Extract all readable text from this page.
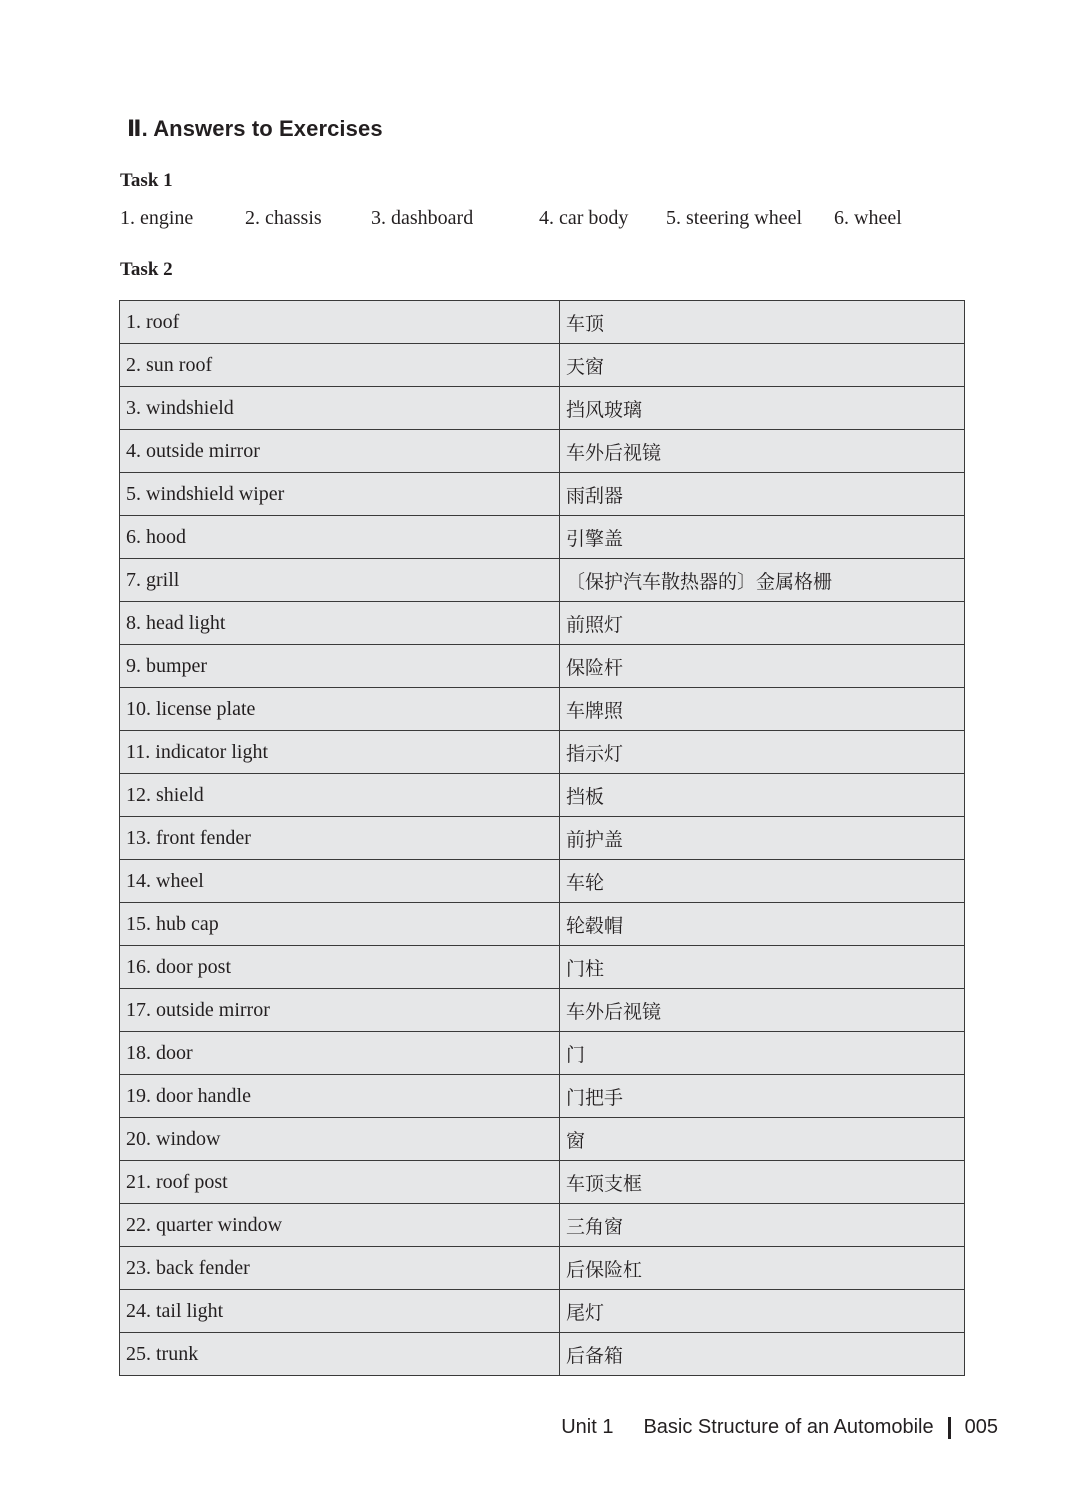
Ⅱ. Answers to Exercises
Task 1
1. engine	2. chassis 3. dashboard	4. car body 5. steering wheel 6. wheel
Task 2
1. roof	车顶
2. sun roof	天窗
3. windshield	挡风玻璃
4. outside mirror	车外后视镜
5. windshield wiper	雨刮器
6. hood	引擎盖
7. grill	〔保护汽车散热器的〕金属格栅
8. head light	前照灯
9. bumper	保险杆
10. license plate	车牌照
11. indicator light	指示灯
12. shield	挡板
13. front fender	前护盖
14. wheel	车轮
15. hub cap	轮毂帽
16. door post	门柱
17. outside mirror	车外后视镜
18. door	门
19. door handle	门把手
20. window	窗
21. roof post	车顶支框
22. quarter window	三角窗
23. back fender	后保险杠
24. tail light	尾灯
25. trunk	后备箱
Unit 1 Basic Structure of an Automobile 005
